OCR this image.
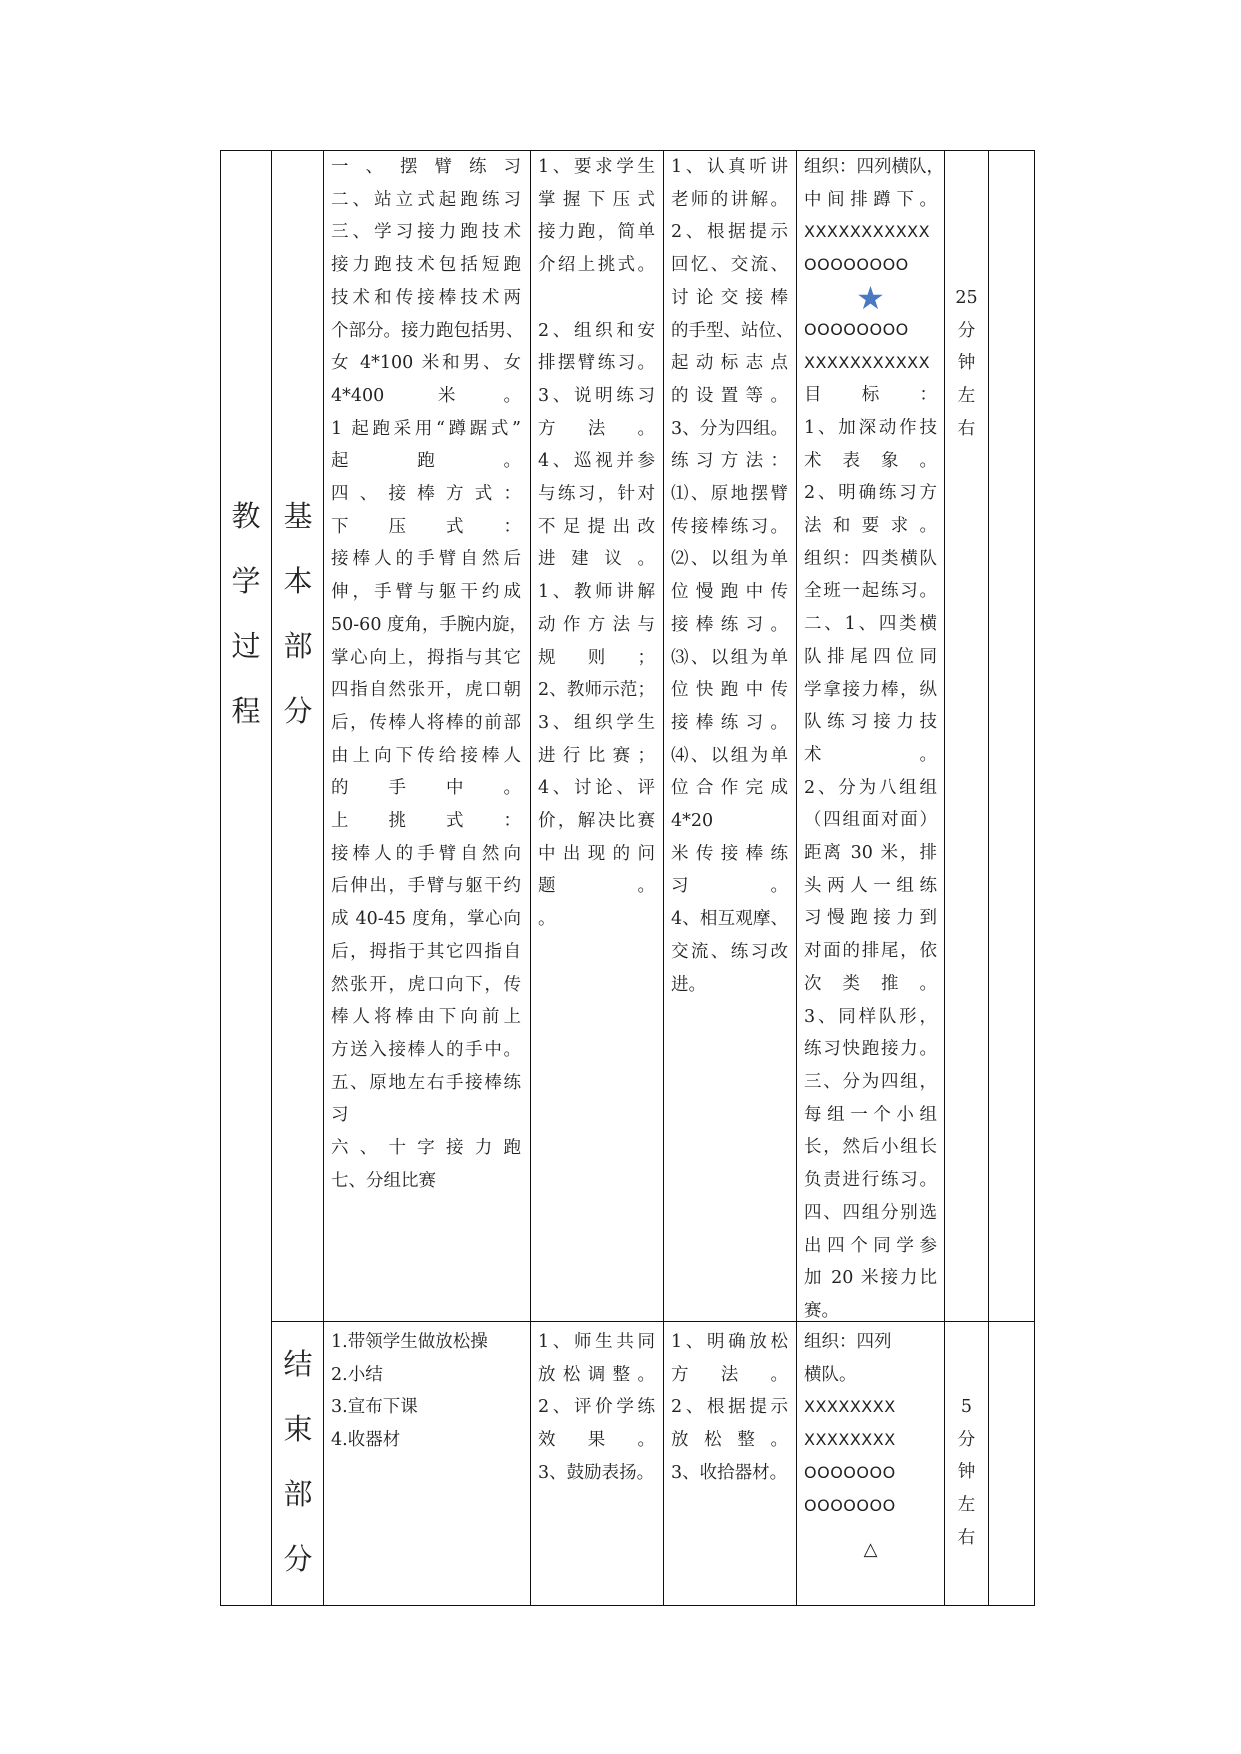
教
学
过
程
基
本
部
分
结
束
部
分
一、摆臂练习
二、站立式起跑练习
三、学习接力跑技术
接力跑技术包括短跑
技术和传接棒技术两
个部分。接力跑包括男、
女 4*100 米和男、女
4*400 米。
1 起跑采用“蹲踞式”
起跑。
四、接棒方式：
下压式：
接棒人的手臂自然后
伸，手臂与躯干约成
50-60 度角，手腕内旋，
掌心向上，拇指与其它
四指自然张开，虎口朝
后，传棒人将棒的前部
由上向下传给接棒人
的手中。
上挑式：
接棒人的手臂自然向
后伸出，手臂与躯干约
成 40-45 度角，掌心向
后，拇指于其它四指自
然张开，虎口向下，传
棒人将棒由下向前上
方送入接棒人的手中。
五、原地左右手接棒练
习
六、十字接力跑
七、分组比赛
1、要求学生
掌握下压式
接力跑，简单
介绍上挑式。

2、组织和安
排摆臂练习。
3、说明练习
方法。
4、巡视并参
与练习，针对
不足提出改
进建议。
1、教师讲解
动作方法与
规则；
2、教师示范；
3、组织学生
进行比赛；
4、讨论、评
价，解决比赛
中出现的问
题。
。
1、认真听讲
老师的讲解。
2、根据提示
回忆、交流、
讨论交接棒
的手型、站位、
起动标志点
的设置等。
3、分为四组。
练习方法：
⑴、原地摆臂
传接棒练习。
⑵、以组为单
位慢跑中传
接棒练习。
⑶、以组为单
位快跑中传
接棒练习。
⑷、以组为单
位合作完成
4*20
米传接棒练
习。
4、相互观摩、
交流、练习改
进。
组织：四列横队，
中间排蹲下。
XXXXXXXXXXX
OOOOOOOO
★
OOOOOOOO
XXXXXXXXXXX
目标：
1、加深动作技
术表象。
2、明确练习方
法和要求。
组织：四类横队
全班一起练习。
二、1、四类横
队排尾四位同
学拿接力棒，纵
队练习接力技
术。
2、分为八组组
（四组面对面）
距离 30 米，排
头两人一组练
习慢跑接力到
对面的排尾，依
次类推。
3、同样队形，
练习快跑接力。
三、分为四组，
每组一个小组
长，然后小组长
负责进行练习。
四、四组分别选
出四个同学参
加 20 米接力比
赛。
25
分
钟
左
右
1.带领学生做放松操
2.小结
3.宣布下课
4.收器材
1、师生共同
放松调整。
2、评价学练
效果。
3、鼓励表扬。
1、明确放松
方法。
2、根据提示
放松整。
3、收拾器材。
组织：四列
横队。
XXXXXXXX
XXXXXXXX
OOOOOOO
OOOOOOO
△
5
分
钟
左
右
